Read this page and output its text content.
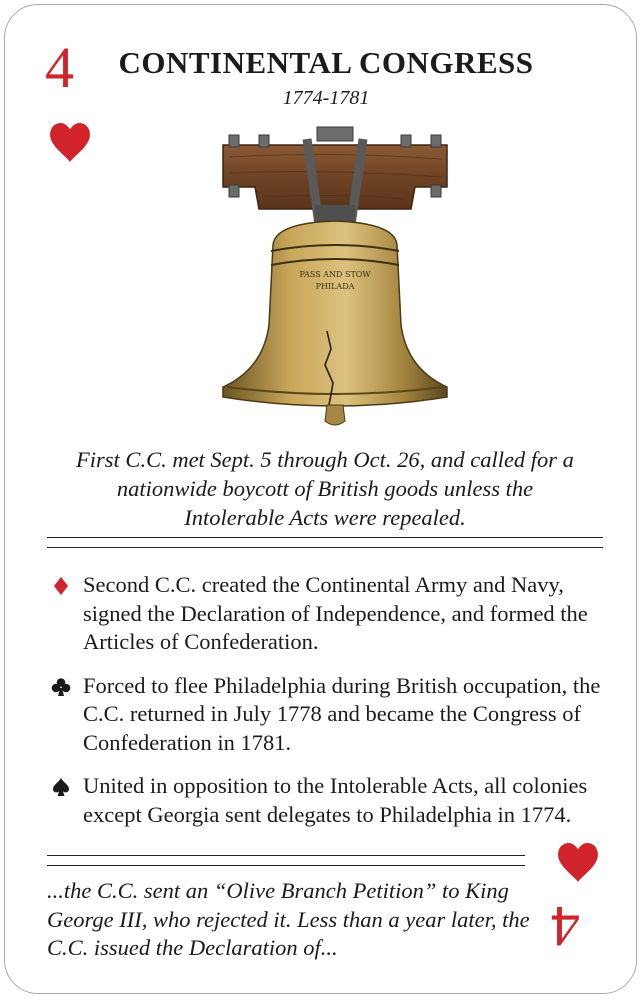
4	CONTINENTAL CONGRESS
1774-1781
PASS AND STOW
PHILADA
First C.C. met Sept. 5 through Oct. 26, and called for a nationwide boycott of British goods unless the Intolerable Acts were repealed.
Second C.C. created the Continental Army and Navy, signed the Declaration of Independence, and formed the Articles of Confederation.
Forced to flee Philadelphia during British occupation, the C.C. returned in July 1778 and became the Congress of Confederation in 1781.
United in opposition to the Intolerable Acts, all colonies except Georgia sent delegates to Philadelphia in 1774.
...the C.C. sent an “Olive Branch Petition” to King George III, who rejected it. Less than a year later, the C.C. issued the Declaration of...	4
